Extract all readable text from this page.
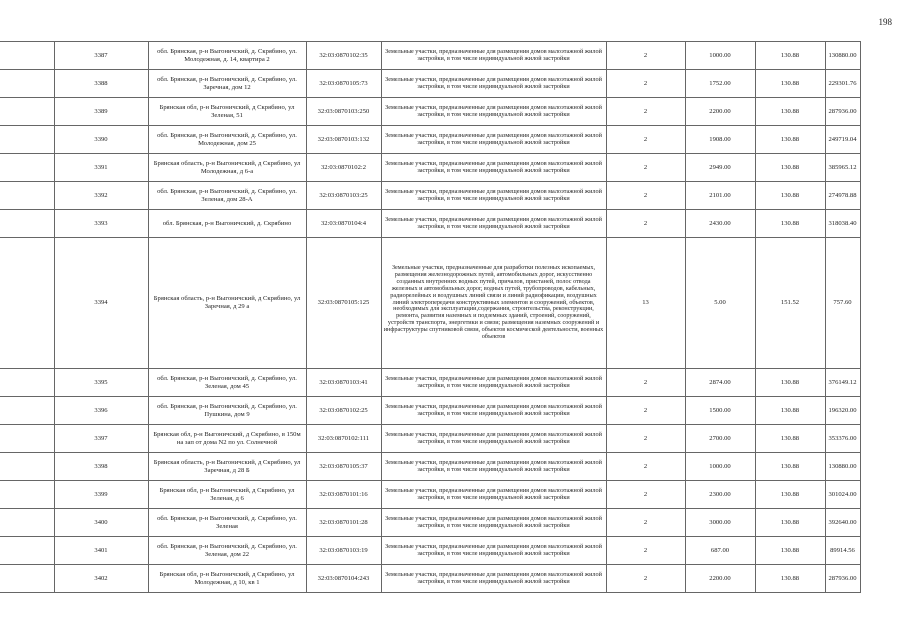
198
	3387	обл. Брянская, р-н Выгоничский, д. Скрябино, ул. Молодежная, д. 14, квартира 2	32:03:0870102:35	Земельные участки, предназначенные для размещения домов малоэтажной жилой застройки, в том числе индивидуальной жилой застройки	2	1000.00	130.88	130880.00
	3388	обл. Брянская, р-н Выгоничский, д. Скрябино, ул. Заречная, дом 12	32:03:0870105:73	Земельные участки, предназначенные для размещения домов малоэтажной жилой застройки, в том числе индивидуальной жилой застройки	2	1752.00	130.88	229301.76
	3389	Брянская обл, р-н Выгоничский, д Скрябино, ул Зеленая, 51	32:03:0870103:250	Земельные участки, предназначенные для размещения домов малоэтажной жилой застройки, в том числе индивидуальной жилой застройки	2	2200.00	130.88	287936.00
	3390	обл. Брянская, р-н Выгоничский, д. Скрябино, ул. Молодежная, дом 25	32:03:0870103:132	Земельные участки, предназначенные для размещения домов малоэтажной жилой застройки, в том числе индивидуальной жилой застройки	2	1908.00	130.88	249719.04
	3391	Брянская область, р-н Выгоничский, д Скрябино, ул Молодежная, д 6-а	32:03:0870102:2	Земельные участки, предназначенные для размещения домов малоэтажной жилой застройки, в том числе индивидуальной жилой застройки	2	2949.00	130.88	385965.12
	3392	обл. Брянская, р-н Выгоничский, д. Скрябино, ул. Зеленая, дом 28-А	32:03:0870103:25	Земельные участки, предназначенные для размещения домов малоэтажной жилой застройки, в том числе индивидуальной жилой застройки	2	2101.00	130.88	274978.88
	3393	обл. Брянская, р-н Выгоничский, д. Скрябино	32:03:0870104:4	Земельные участки, предназначенные для размещения домов малоэтажной жилой застройки, в том числе индивидуальной жилой застройки	2	2430.00	130.88	318038.40
	3394	Брянская область, р-н Выгоничский, д Скрябино, ул Заречная, д 29 а	32:03:0870105:125	Земельные участки, предназначенные для разработки полезных ископаемых, размещения железнодорожных путей, автомобильных дорог, искусственно созданных внутренних водных путей, причалов, пристаней, полос отвода железных и автомобильных дорог, водных путей, трубопроводов, кабельных, радиорелейных и воздушных линий связи и линий радиофикации, воздушных линий электропередачи конструктивных элементов и сооружений, объектов, необходимых для эксплуатации,содержания, строительства, реконструкции, ремонта, развития наземных и подземных зданий, строений, сооружений, устройств транспорта, энергетики и связи; размещения наземных сооружений и инфраструктуры спутниковой связи, объектов космической деятельности, военных объектов	13	5.00	151.52	757.60
	3395	обл. Брянская, р-н Выгоничский, д. Скрябино, ул. Зеленая, дом 45	32:03:0870103:41	Земельные участки, предназначенные для размещения домов малоэтажной жилой застройки, в том числе индивидуальной жилой застройки	2	2874.00	130.88	376149.12
	3396	обл. Брянская, р-н Выгоничский, д. Скрябино, ул. Пушкина, дом 9	32:03:0870102:25	Земельные участки, предназначенные для размещения домов малоэтажной жилой застройки, в том числе индивидуальной жилой застройки	2	1500.00	130.88	196320.00
	3397	Брянская обл, р-н Выгоничский, д Скрябино, в 150м на зап от дома N2 по ул. Солнечной	32:03:0870102:111	Земельные участки, предназначенные для размещения домов малоэтажной жилой застройки, в том числе индивидуальной жилой застройки	2	2700.00	130.88	353376.00
	3398	Брянская область, р-н Выгоничский, д Скрябино, ул Заречная, д 28 Б	32:03:0870105:37	Земельные участки, предназначенные для размещения домов малоэтажной жилой застройки, в том числе индивидуальной жилой застройки	2	1000.00	130.88	130880.00
	3399	Брянская обл, р-н Выгоничский, д Скрябино, ул Зеленая, д 6	32:03:0870101:16	Земельные участки, предназначенные для размещения домов малоэтажной жилой застройки, в том числе индивидуальной жилой застройки	2	2300.00	130.88	301024.00
	3400	обл. Брянская, р-н Выгоничский, д. Скрябино, ул. Зеленая	32:03:0870101:28	Земельные участки, предназначенные для размещения домов малоэтажной жилой застройки, в том числе индивидуальной жилой застройки	2	3000.00	130.88	392640.00
	3401	обл. Брянская, р-н Выгоничский, д. Скрябино, ул. Зеленая, дом 22	32:03:0870103:19	Земельные участки, предназначенные для размещения домов малоэтажной жилой застройки, в том числе индивидуальной жилой застройки	2	687.00	130.88	89914.56
	3402	Брянская обл, р-н Выгоничский, д Скрябино, ул Молодежная, д 10, кв 1	32:03:0870104:243	Земельные участки, предназначенные для размещения домов малоэтажной жилой застройки, в том числе индивидуальной жилой застройки	2	2200.00	130.88	287936.00
